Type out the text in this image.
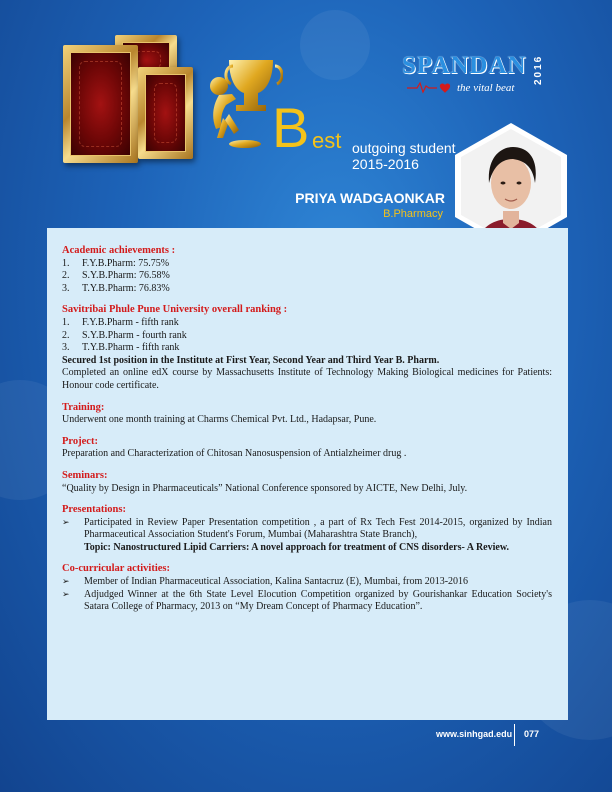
SPANDAN 2016
the vital beat
B est outgoing student
2015-2016
PRIYA WADGAONKAR
B.Pharmacy
Academic achievements :
1.	F.Y.B.Pharm: 75.75%
2.	S.Y.B.Pharm: 76.58%
3.	T.Y.B.Pharm: 76.83%
Savitribai Phule Pune University overall ranking :
1.	F.Y.B.Pharm - fifth rank
2.	S.Y.B.Pharm - fourth rank
3.	T.Y.B.Pharm - fifth rank

Secured 1st position in the Institute at First Year, Second Year and Third Year B. Pharm.

Completed an online edX course by Massachusetts Institute of Technology Making Biological medicines for Patients: Honour code certificate.

Training:

Underwent one month training at Charms Chemical Pvt. Ltd., Hadapsar, Pune.

Project:

Preparation and Characterization of Chitosan Nanosuspension of Antialzheimer drug .

Seminars:

“Quality by Design in Pharmaceuticals” National Conference sponsored by AICTE, New Delhi, July.

Presentations:
➢	Participated in Review Paper Presentation competition , a part of Rx Tech Fest 2014-2015, organized by Indian Pharmaceutical Association Student's Forum, Mumbai (Maharashtra State Branch),

Topic: Nanostructured Lipid Carriers: A novel approach for treatment of CNS disorders- A Review.

Co-curricular activities:
➢	Member of Indian Pharmaceutical Association, Kalina Santacruz (E), Mumbai, from 2013-2016
➢	Adjudged Winner at the 6th State Level Elocution Competition organized by Gourishankar Education Society's Satara College of Pharmacy, 2013 on “My Dream Concept of Pharmacy Education”.
www.sinhgad.edu 077
